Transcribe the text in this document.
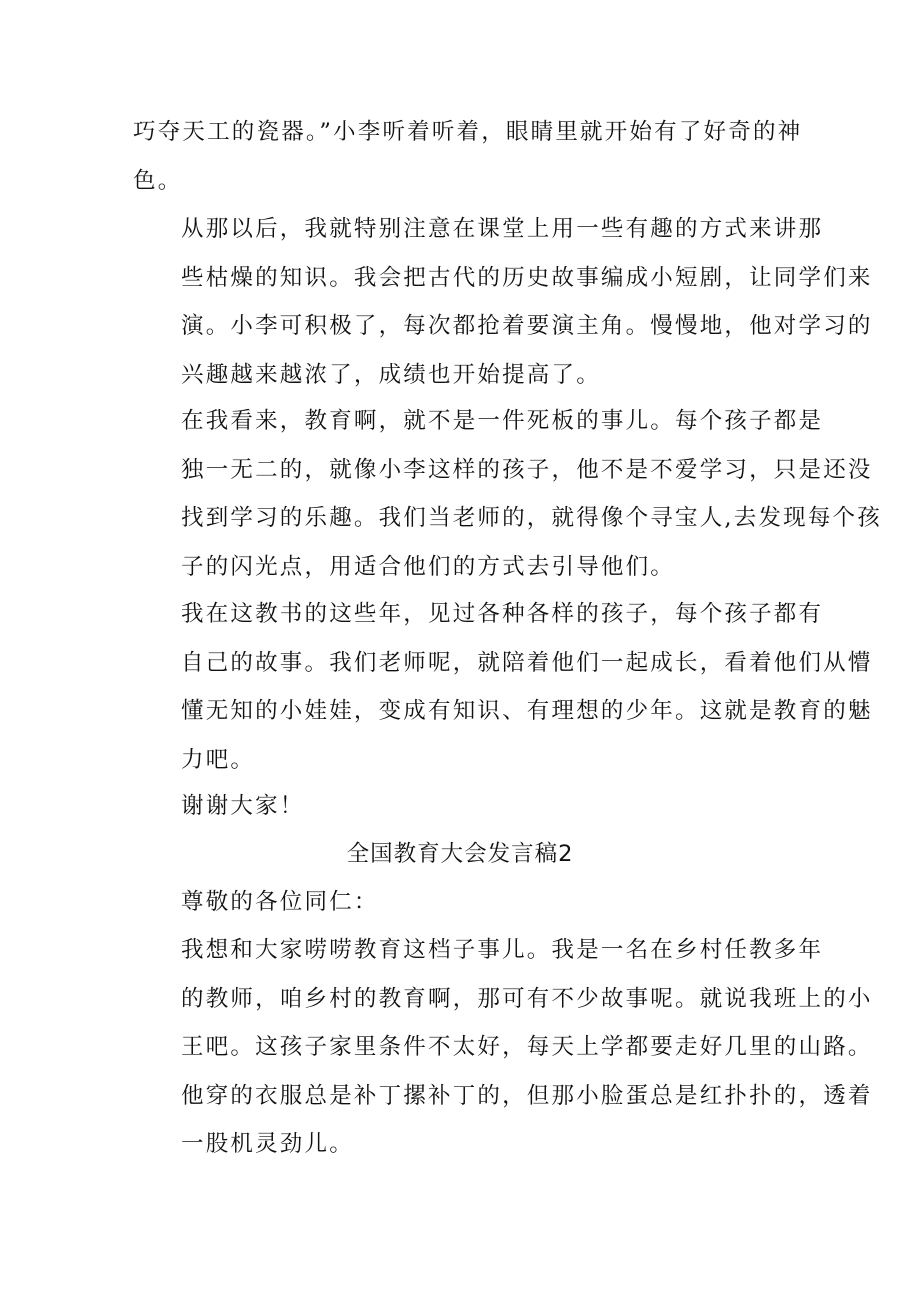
巧夺天工的瓷器。”小李听着听着，眼睛里就开始有了好奇的神
色。

从那以后，我就特别注意在课堂上用一些有趣的方式来讲那
些枯燥的知识。我会把古代的历史故事编成小短剧，让同学们来
演。小李可积极了，每次都抢着要演主角。慢慢地，他对学习的
兴趣越来越浓了，成绩也开始提高了。

在我看来，教育啊，就不是一件死板的事儿。每个孩子都是
独一无二的，就像小李这样的孩子，他不是不爱学习，只是还没
找到学习的乐趣。我们当老师的，就得像个寻宝人,去发现每个孩
子的闪光点，用适合他们的方式去引导他们。

我在这教书的这些年，见过各种各样的孩子，每个孩子都有
自己的故事。我们老师呢，就陪着他们一起成长，看着他们从懵
懂无知的小娃娃，变成有知识、有理想的少年。这就是教育的魅
力吧。

谢谢大家！

全国教育大会发言稿2

尊敬的各位同仁：

我想和大家唠唠教育这档子事儿。我是一名在乡村任教多年
的教师，咱乡村的教育啊，那可有不少故事呢。就说我班上的小
王吧。这孩子家里条件不太好，每天上学都要走好几里的山路。
他穿的衣服总是补丁摞补丁的，但那小脸蛋总是红扑扑的，透着
一股机灵劲儿。
